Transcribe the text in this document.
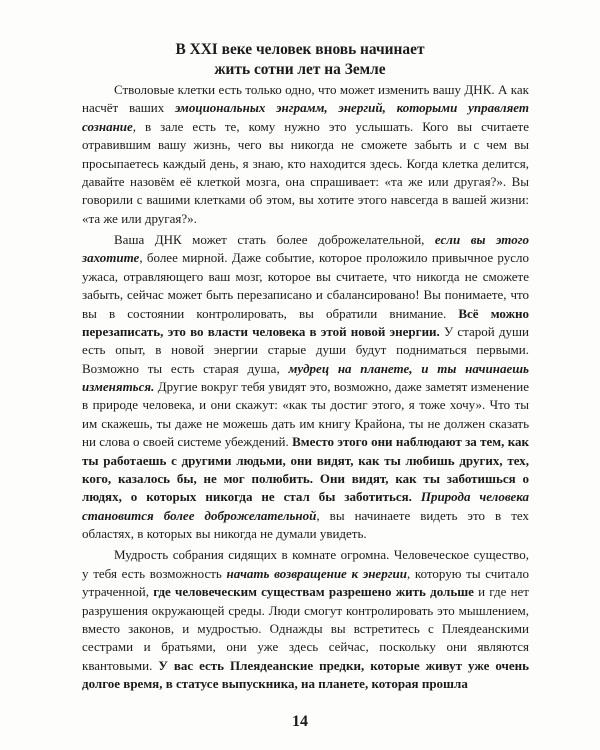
В XXI веке человек вновь начинает
жить сотни лет на Земле

Стволовые клетки есть только одно, что может изменить вашу ДНК. А как насчёт ваших эмоциональных энграмм, энергий, которыми управляет сознание, в зале есть те, кому нужно это услышать. Кого вы считаете отравившим вашу жизнь, чего вы никогда не сможете забыть и с чем вы просыпаетесь каждый день, я знаю, кто находится здесь. Когда клетка делится, давайте назовём её клеткой мозга, она спрашивает: «та же или другая?». Вы говорили с вашими клетками об этом, вы хотите этого навсегда в вашей жизни: «та же или другая?».

Ваша ДНК может стать более доброжелательной, если вы этого захотите, более мирной. Даже событие, которое проложило привычное русло ужаса, отравляющего ваш мозг, которое вы считаете, что никогда не сможете забыть, сейчас может быть перезаписано и сбалансировано! Вы понимаете, что вы в состоянии контролировать, вы обратили внимание. Всё можно перезаписать, это во власти человека в этой новой энергии. У старой души есть опыт, в новой энергии старые души будут подниматься первыми. Возможно ты есть старая душа, мудрец на планете, и ты начинаешь изменяться. Другие вокруг тебя увидят это, возможно, даже заметят изменение в природе человека, и они скажут: «как ты достиг этого, я тоже хочу». Что ты им скажешь, ты даже не можешь дать им книгу Крайона, ты не должен сказать ни слова о своей системе убеждений. Вместо этого они наблюдают за тем, как ты работаешь с другими людьми, они видят, как ты любишь других, тех, кого, казалось бы, не мог полюбить. Они видят, как ты заботишься о людях, о которых никогда не стал бы заботиться. Природа человека становится более доброжелательной, вы начинаете видеть это в тех областях, в которых вы никогда не думали увидеть.

Мудрость собрания сидящих в комнате огромна. Человеческое существо, у тебя есть возможность начать возвращение к энергии, которую ты считало утраченной, где человеческим существам разрешено жить дольше и где нет разрушения окружающей среды. Люди смогут контролировать это мышлением, вместо законов, и мудростью. Однажды вы встретитесь с Плеядеанскими сестрами и братьями, они уже здесь сейчас, поскольку они являются квантовыми. У вас есть Плеядеанские предки, которые живут уже очень долгое время, в статусе выпускника, на планете, которая прошла

14
